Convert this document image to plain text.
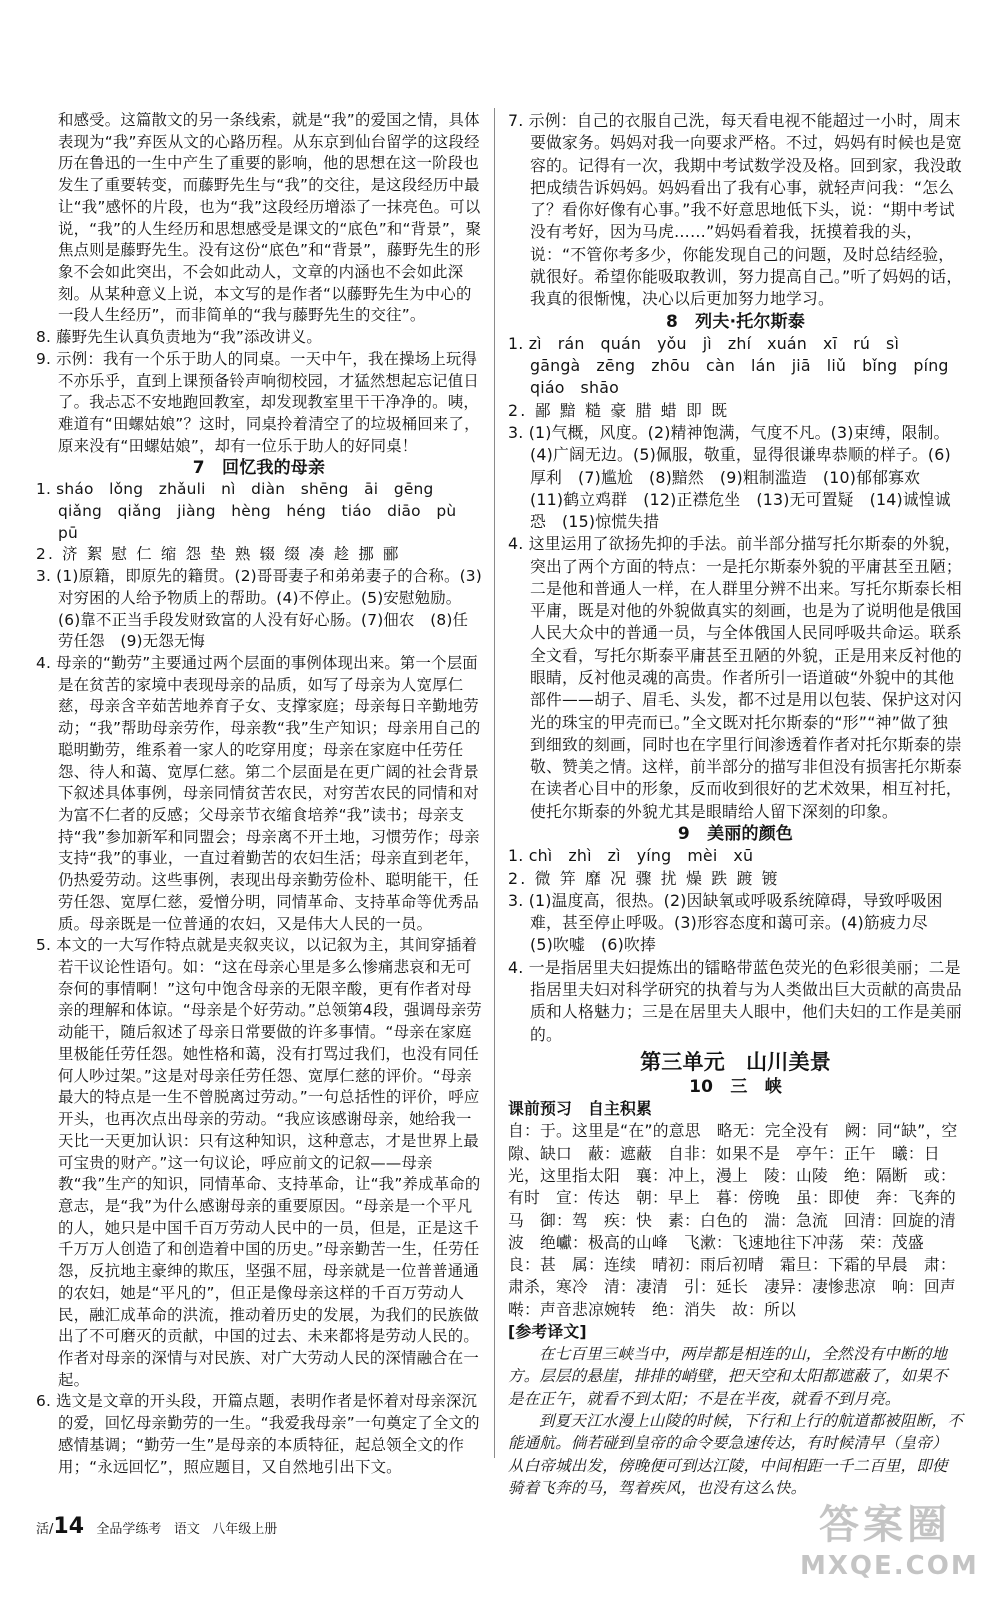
和感受。这篇散文的另一条线索，就是“我”的爱国之情，具体表现为“我”弃医从文的心路历程。从东京到仙台留学的这段经历在鲁迅的一生中产生了重要的影响，他的思想在这一阶段也发生了重要转变，而藤野先生与“我”的交往，是这段经历中最让“我”感怀的片段，也为“我”这段经历增添了一抹亮色。可以说，“我”的人生经历和思想感受是课文的“底色”和“背景”，聚焦点则是藤野先生。没有这份“底色”和“背景”，藤野先生的形象不会如此突出，不会如此动人，文章的内涵也不会如此深刻。从某种意义上说，本文写的是作者“以藤野先生为中心的一段人生经历”，而非简单的“我与藤野先生的交往”。

8. 藤野先生认真负责地为“我”添改讲义。

9. 示例：我有一个乐于助人的同桌。一天中午，我在操场上玩得不亦乐乎，直到上课预备铃声响彻校园，才猛然想起忘记值日了。我忐忑不安地跑回教室，却发现教室里干干净净的。咦，难道有“田螺姑娘”？这时，同桌拎着清空了的垃圾桶回来了，原来没有“田螺姑娘”，却有一位乐于助人的好同桌！

7　回忆我的母亲

1. sháo　lǒng　zhǎuli　nì　diàn　shēng　āi　gēng　qiǎng　qiǎng　jiàng　hèng　héng　tiáo　diāo　pù　pū

2. 济 絮 慰 仁 缩 怨 垫 熟 辍 缀 凑 趁 挪 郦

3. (1)原籍，即原先的籍贯。(2)哥哥妻子和弟弟妻子的合称。(3)对穷困的人给予物质上的帮助。(4)不停止。(5)安慰勉励。(6)靠不正当手段发财致富的人没有好心肠。(7)佃农　(8)任劳任怨　(9)无怨无悔

4. 母亲的“勤劳”主要通过两个层面的事例体现出来。第一个层面是在贫苦的家境中表现母亲的品质，如写了母亲为人宽厚仁慈，母亲含辛茹苦地养育子女、支撑家庭；母亲每日辛勤地劳动；“我”帮助母亲劳作，母亲教“我”生产知识；母亲用自己的聪明勤劳，维系着一家人的吃穿用度；母亲在家庭中任劳任怨、待人和蔼、宽厚仁慈。第二个层面是在更广阔的社会背景下叙述具体事例，母亲同情贫苦农民，对穷苦农民的同情和对为富不仁者的反感；父母亲节衣缩食培养“我”读书；母亲支持“我”参加新军和同盟会；母亲离不开土地，习惯劳作；母亲支持“我”的事业，一直过着勤苦的农妇生活；母亲直到老年，仍热爱劳动。这些事例，表现出母亲勤劳俭朴、聪明能干，任劳任怨、宽厚仁慈，爱憎分明，同情革命、支持革命等优秀品质。母亲既是一位普通的农妇，又是伟大人民的一员。

5. 本文的一大写作特点就是夹叙夹议，以记叙为主，其间穿插着若干议论性语句。如：“这在母亲心里是多么惨痛悲哀和无可奈何的事情啊！”这句中饱含母亲的无限辛酸，更有作者对母亲的理解和体谅。“母亲是个好劳动。”总领第4段，强调母亲劳动能干，随后叙述了母亲日常要做的许多事情。“母亲在家庭里极能任劳任怨。她性格和蔼，没有打骂过我们，也没有同任何人吵过架。”这是对母亲任劳任怨、宽厚仁慈的评价。“母亲最大的特点是一生不曾脱离过劳动。”一句总括性的评价，呼应开头，也再次点出母亲的劳动。“我应该感谢母亲，她给我一天比一天更加认识：只有这种知识，这种意志，才是世界上最可宝贵的财产。”这一句议论，呼应前文的记叙——母亲教“我”生产的知识，同情革命、支持革命，让“我”养成革命的意志，是“我”为什么感谢母亲的重要原因。“母亲是一个平凡的人，她只是中国千百万劳动人民中的一员，但是，正是这千千万万人创造了和创造着中国的历史。”母亲勤苦一生，任劳任怨，反抗地主豪绅的欺压，坚强不屈，母亲就是一位普普通通的农妇，她是“平凡的”，但正是像母亲这样的千百万劳动人民，融汇成革命的洪流，推动着历史的发展，为我们的民族做出了不可磨灭的贡献，中国的过去、未来都将是劳动人民的。作者对母亲的深情与对民族、对广大劳动人民的深情融合在一起。

6. 选文是文章的开头段，开篇点题，表明作者是怀着对母亲深沉的爱，回忆母亲勤劳的一生。“我爱我母亲”一句奠定了全文的感情基调；“勤劳一生”是母亲的本质特征，起总领全文的作用；“永远回忆”，照应题目，又自然地引出下文。

7. 示例：自己的衣服自己洗，每天看电视不能超过一小时，周末要做家务。妈妈对我一向要求严格。不过，妈妈有时候也是宽容的。记得有一次，我期中考试数学没及格。回到家，我没敢把成绩告诉妈妈。妈妈看出了我有心事，就轻声问我：“怎么了？看你好像有心事。”我不好意思地低下头，说：“期中考试没有考好，因为马虎……”妈妈看着我，抚摸着我的头，说：“不管你考多少，你能发现自己的问题，及时总结经验，就很好。希望你能吸取教训，努力提高自己。”听了妈妈的话，我真的很惭愧，决心以后更加努力地学习。

8　列夫·托尔斯泰

1. zì　rán　quán　yǒu　jì　zhí　xuán　xī　rú　sì　gāngà　zēng　zhōu　càn　lán　jiā　liǔ　bǐng　píng　qiáo　shāo

2. 鄙 黯 糙 豪 腊 蜡 即 既

3. (1)气概，风度。(2)精神饱满，气度不凡。(3)束缚，限制。(4)广阔无边。(5)佩服，敬重，显得很谦卑恭顺的样子。(6)厚利　(7)尴尬　(8)黯然　(9)粗制滥造　(10)郁郁寡欢　(11)鹤立鸡群　(12)正襟危坐　(13)无可置疑　(14)诚惶诚恐　(15)惊慌失措

4. 这里运用了欲扬先抑的手法。前半部分描写托尔斯泰的外貌，突出了两个方面的特点：一是托尔斯泰外貌的平庸甚至丑陋；二是他和普通人一样，在人群里分辨不出来。写托尔斯泰长相平庸，既是对他的外貌做真实的刻画，也是为了说明他是俄国人民大众中的普通一员，与全体俄国人民同呼吸共命运。联系全文看，写托尔斯泰平庸甚至丑陋的外貌，正是用来反衬他的眼睛，反衬他灵魂的高贵。作者所引一语道破“外貌中的其他部件——胡子、眉毛、头发，都不过是用以包装、保护这对闪光的珠宝的甲壳而已。”全文既对托尔斯泰的“形”“神”做了独到细致的刻画，同时也在字里行间渗透着作者对托尔斯泰的崇敬、赞美之情。这样，前半部分的描写非但没有损害托尔斯泰在读者心目中的形象，反而收到很好的艺术效果，相互衬托，使托尔斯泰的外貌尤其是眼睛给人留下深刻的印象。

9　美丽的颜色

1. chì　zhì　zì　yíng　mèi　xū

2. 微 笄 靡 况 骤 扰 燥 跌 踱 镀

3. (1)温度高，很热。(2)因缺氧或呼吸系统障碍，导致呼吸困难，甚至停止呼吸。(3)形容态度和蔼可亲。(4)筋疲力尽　(5)吹嘘　(6)吹捧

4. 一是指居里夫妇提炼出的镭略带蓝色荧光的色彩很美丽；二是指居里夫妇对科学研究的执着与为人类做出巨大贡献的高贵品质和人格魅力；三是在居里夫人眼中，他们夫妇的工作是美丽的。

第三单元　山川美景

10　三　峡

课前预习　自主积累

自：于。这里是“在”的意思　略无：完全没有　阙：同“缺”，空隙、缺口　蔽：遮蔽　自非：如果不是　亭午：正午　曦：日光，这里指太阳　襄：冲上，漫上　陵：山陵　绝：隔断　或：有时　宣：传达　朝：早上　暮：傍晚　虽：即使　奔：飞奔的马　御：驾　疾：快　素：白色的　湍：急流　回清：回旋的清波　绝巘：极高的山峰　飞漱：飞速地往下冲荡　荣：茂盛　良：甚　属：连续　晴初：雨后初晴　霜旦：下霜的早晨　肃：肃杀，寒冷　清：凄清　引：延长　凄异：凄惨悲凉　响：回声　啭：声音悲凉婉转　绝：消失　故：所以

[参考译文]

在七百里三峡当中，两岸都是相连的山，全然没有中断的地方。层层的悬崖，排排的峭壁，把天空和太阳都遮蔽了，如果不是在正午，就看不到太阳；不是在半夜，就看不到月亮。

到夏天江水漫上山陵的时候，下行和上行的航道都被阻断，不能通航。倘若碰到皇帝的命令要急速传达，有时候清早（皇帝）从白帝城出发，傍晚便可到达江陵，中间相距一千二百里，即使骑着飞奔的马，驾着疾风，也没有这么快。

活/14 全品学练考 语文 八年级上册	答案圈
MXQE.COM
